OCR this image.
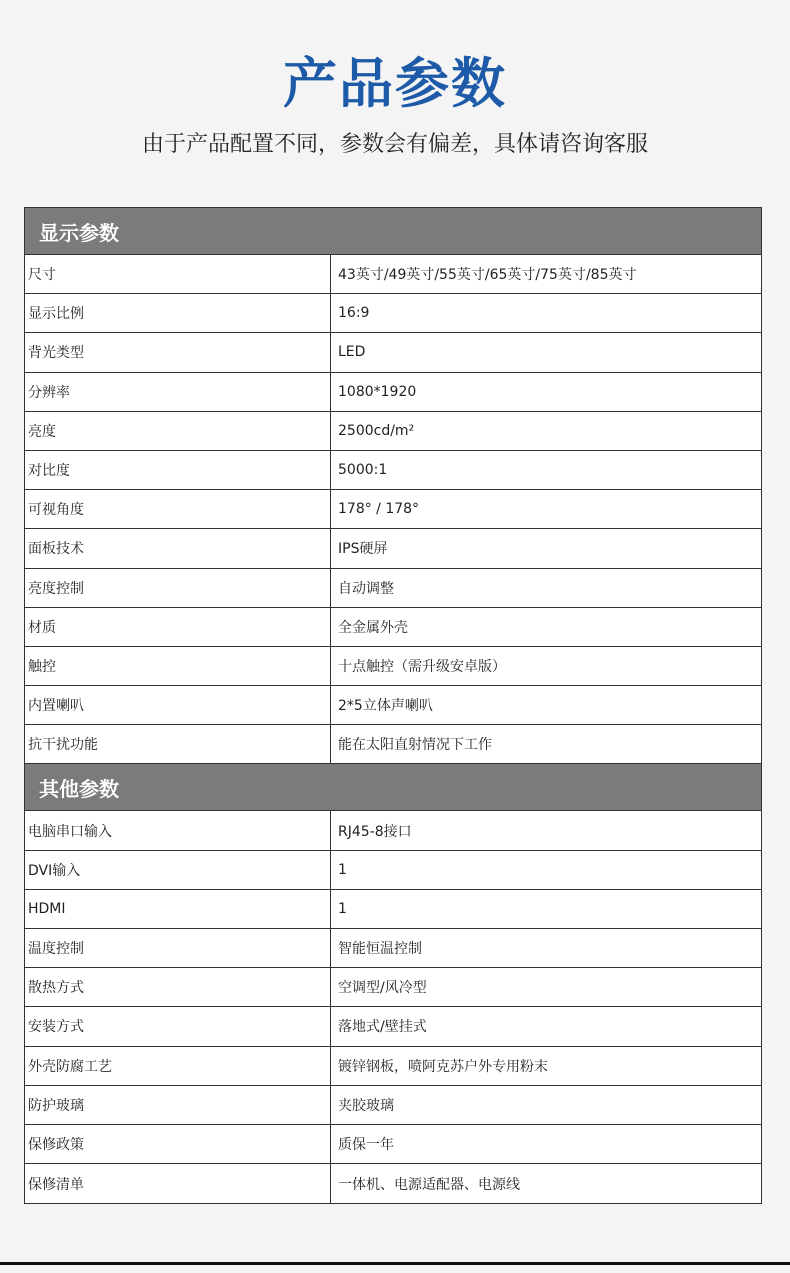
产品参数
由于产品配置不同，参数会有偏差，具体请咨询客服
显示参数
尺寸	43英寸/49英寸/55英寸/65英寸/75英寸/85英寸
显示比例	16:9
背光类型	LED
分辨率	1080*1920
亮度	2500cd/m²
对比度	5000:1
可视角度	178° / 178°
面板技术	IPS硬屏
亮度控制	自动调整
材质	全金属外壳
触控	十点触控（需升级安卓版）
内置喇叭	2*5立体声喇叭
抗干扰功能	能在太阳直射情况下工作
其他参数
电脑串口输入	RJ45-8接口
DVI输入	1
HDMI	1
温度控制	智能恒温控制
散热方式	空调型/风冷型
安装方式	落地式/壁挂式
外壳防腐工艺	镀锌钢板，喷阿克苏户外专用粉末
防护玻璃	夹胶玻璃
保修政策	质保一年
保修清单	一体机、电源适配器、电源线
